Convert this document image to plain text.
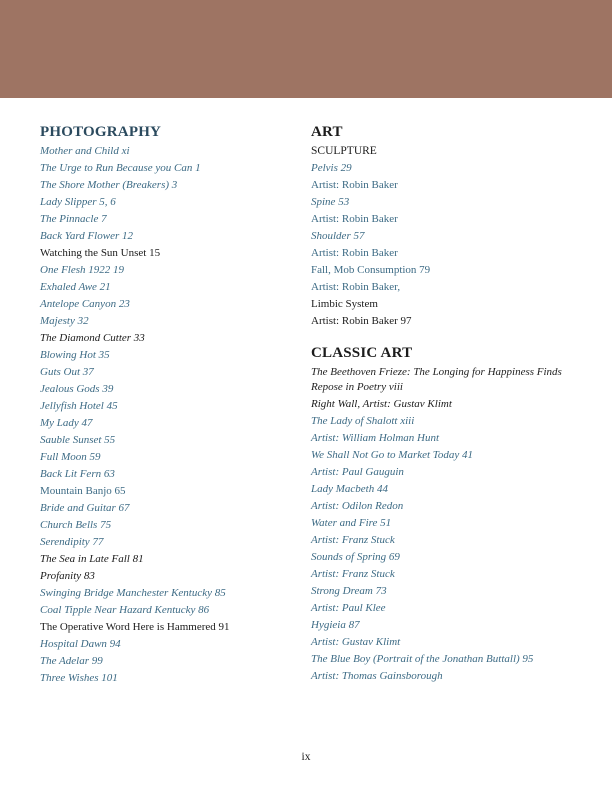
PHOTOGRAPHY
Mother and Child xi
The Urge to Run Because you Can 1
The Shore Mother (Breakers) 3
Lady Slipper 5, 6
The Pinnacle 7
Back Yard Flower 12
Watching the Sun Unset 15
One Flesh 1922 19
Exhaled Awe 21
Antelope Canyon 23
Majesty 32
The Diamond Cutter 33
Blowing Hot 35
Guts Out 37
Jealous Gods 39
Jellyfish Hotel 45
My Lady 47
Sauble Sunset 55
Full Moon 59
Back Lit Fern 63
Mountain Banjo 65
Bride and Guitar 67
Church Bells 75
Serendipity 77
The Sea in Late Fall 81
Profanity 83
Swinging Bridge Manchester Kentucky 85
Coal Tipple Near Hazard Kentucky 86
The Operative Word Here is Hammered 91
Hospital Dawn 94
The Adelar 99
Three Wishes 101
ART

SCULPTURE

Pelvis 29
Artist: Robin Baker
Spine 53
Artist: Robin Baker
Shoulder 57
Artist: Robin Baker
Fall, Mob Consumption 79
Artist: Robin Baker,
Limbic System
Artist: Robin Baker 97
CLASSIC ART
The Beethoven Frieze: The Longing for Happiness Finds Repose in Poetry viii
Right Wall, Artist: Gustav Klimt
The Lady of Shalott xiii
Artist: William Holman Hunt
We Shall Not Go to Market Today 41
Artist: Paul Gauguin
Lady Macbeth 44
Artist: Odilon Redon
Water and Fire 51
Artist: Franz Stuck
Sounds of Spring 69
Artist: Franz Stuck
Strong Dream 73
Artist: Paul Klee
Hygieia 87
Artist: Gustav Klimt
The Blue Boy (Portrait of the Jonathan Buttall) 95
Artist: Thomas Gainsborough
ix
